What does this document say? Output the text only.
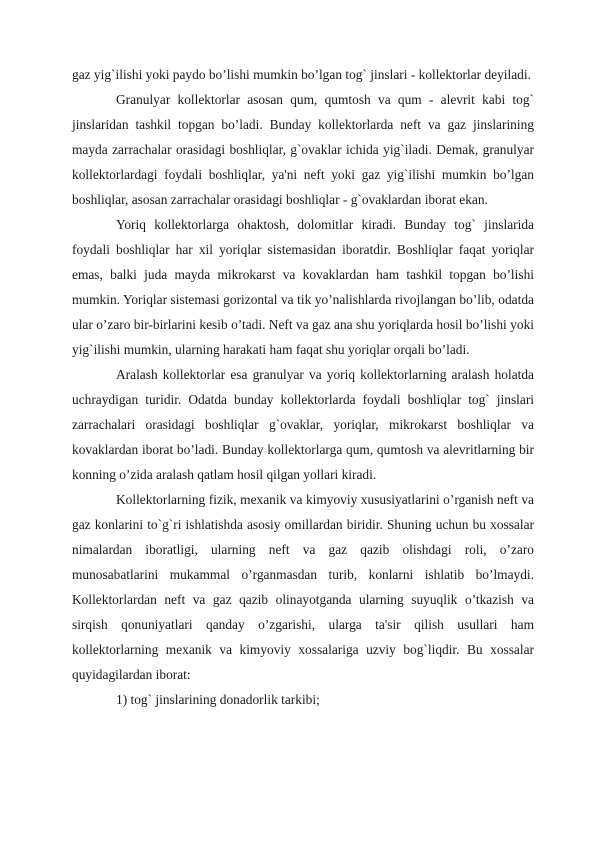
gaz yig`ilishi yoki paydo bo’lishi mumkin bo’lgan tog` jinslari - kollektorlar deyiladi.

Granulyar kollektorlar asosan qum, qumtosh va qum - alevrit kabi tog` jinslaridan tashkil topgan bo’ladi. Bunday kollektorlarda neft va gaz jinslarining mayda zarrachalar orasidagi boshliqlar, g`ovaklar ichida yig`iladi. Demak, granulyar kollektorlardagi foydali boshliqlar, ya'ni neft yoki gaz yig`ilishi mumkin bo’lgan boshliqlar, asosan zarrachalar orasidagi boshliqlar - g`ovaklardan iborat ekan.

Yoriq kollektorlarga ohaktosh, dolomitlar kiradi. Bunday tog` jinslarida foydali boshliqlar har xil yoriqlar sistemasidan iboratdir. Boshliqlar faqat yoriqlar emas, balki juda mayda mikrokarst va kovaklardan ham tashkil topgan bo’lishi mumkin. Yoriqlar sistemasi gorizontal va tik yo’nalishlarda rivojlangan bo’lib, odatda ular o’zaro bir-birlarini kesib o’tadi. Neft va gaz ana shu yoriqlarda hosil bo’lishi yoki yig`ilishi mumkin, ularning harakati ham faqat shu yoriqlar orqali bo’ladi.

Aralash kollektorlar esa granulyar va yoriq kollektorlarning aralash holatda uchraydigan turidir. Odatda bunday kollektorlarda foydali boshliqlar tog` jinslari zarrachalari orasidagi boshliqlar g`ovaklar, yoriqlar, mikrokarst boshliqlar va kovaklardan iborat bo’ladi. Bunday kollektorlarga qum, qumtosh va alevritlarning bir konning o’zida aralash qatlam hosil qilgan yollari kiradi.

Kollektorlarning fizik, mexanik va kimyoviy xususiyatlarini o’rganish neft va gaz konlarini to`g`ri ishlatishda asosiy omillardan biridir. Shuning uchun bu xossalar nimalardan iboratligi, ularning neft va gaz qazib olishdagi roli, o’zaro munosabatlarini mukammal o’rganmasdan turib, konlarni ishlatib bo’lmaydi. Kollektorlardan neft va gaz qazib olinayotganda ularning suyuqlik o’tkazish va sirqish qonuniyatlari qanday o’zgarishi, ularga ta'sir qilish usullari ham kollektorlarning mexanik va kimyoviy xossalariga uzviy bog`liqdir. Bu xossalar quyidagilardan iborat:

1) tog` jinslarining donadorlik tarkibi;
